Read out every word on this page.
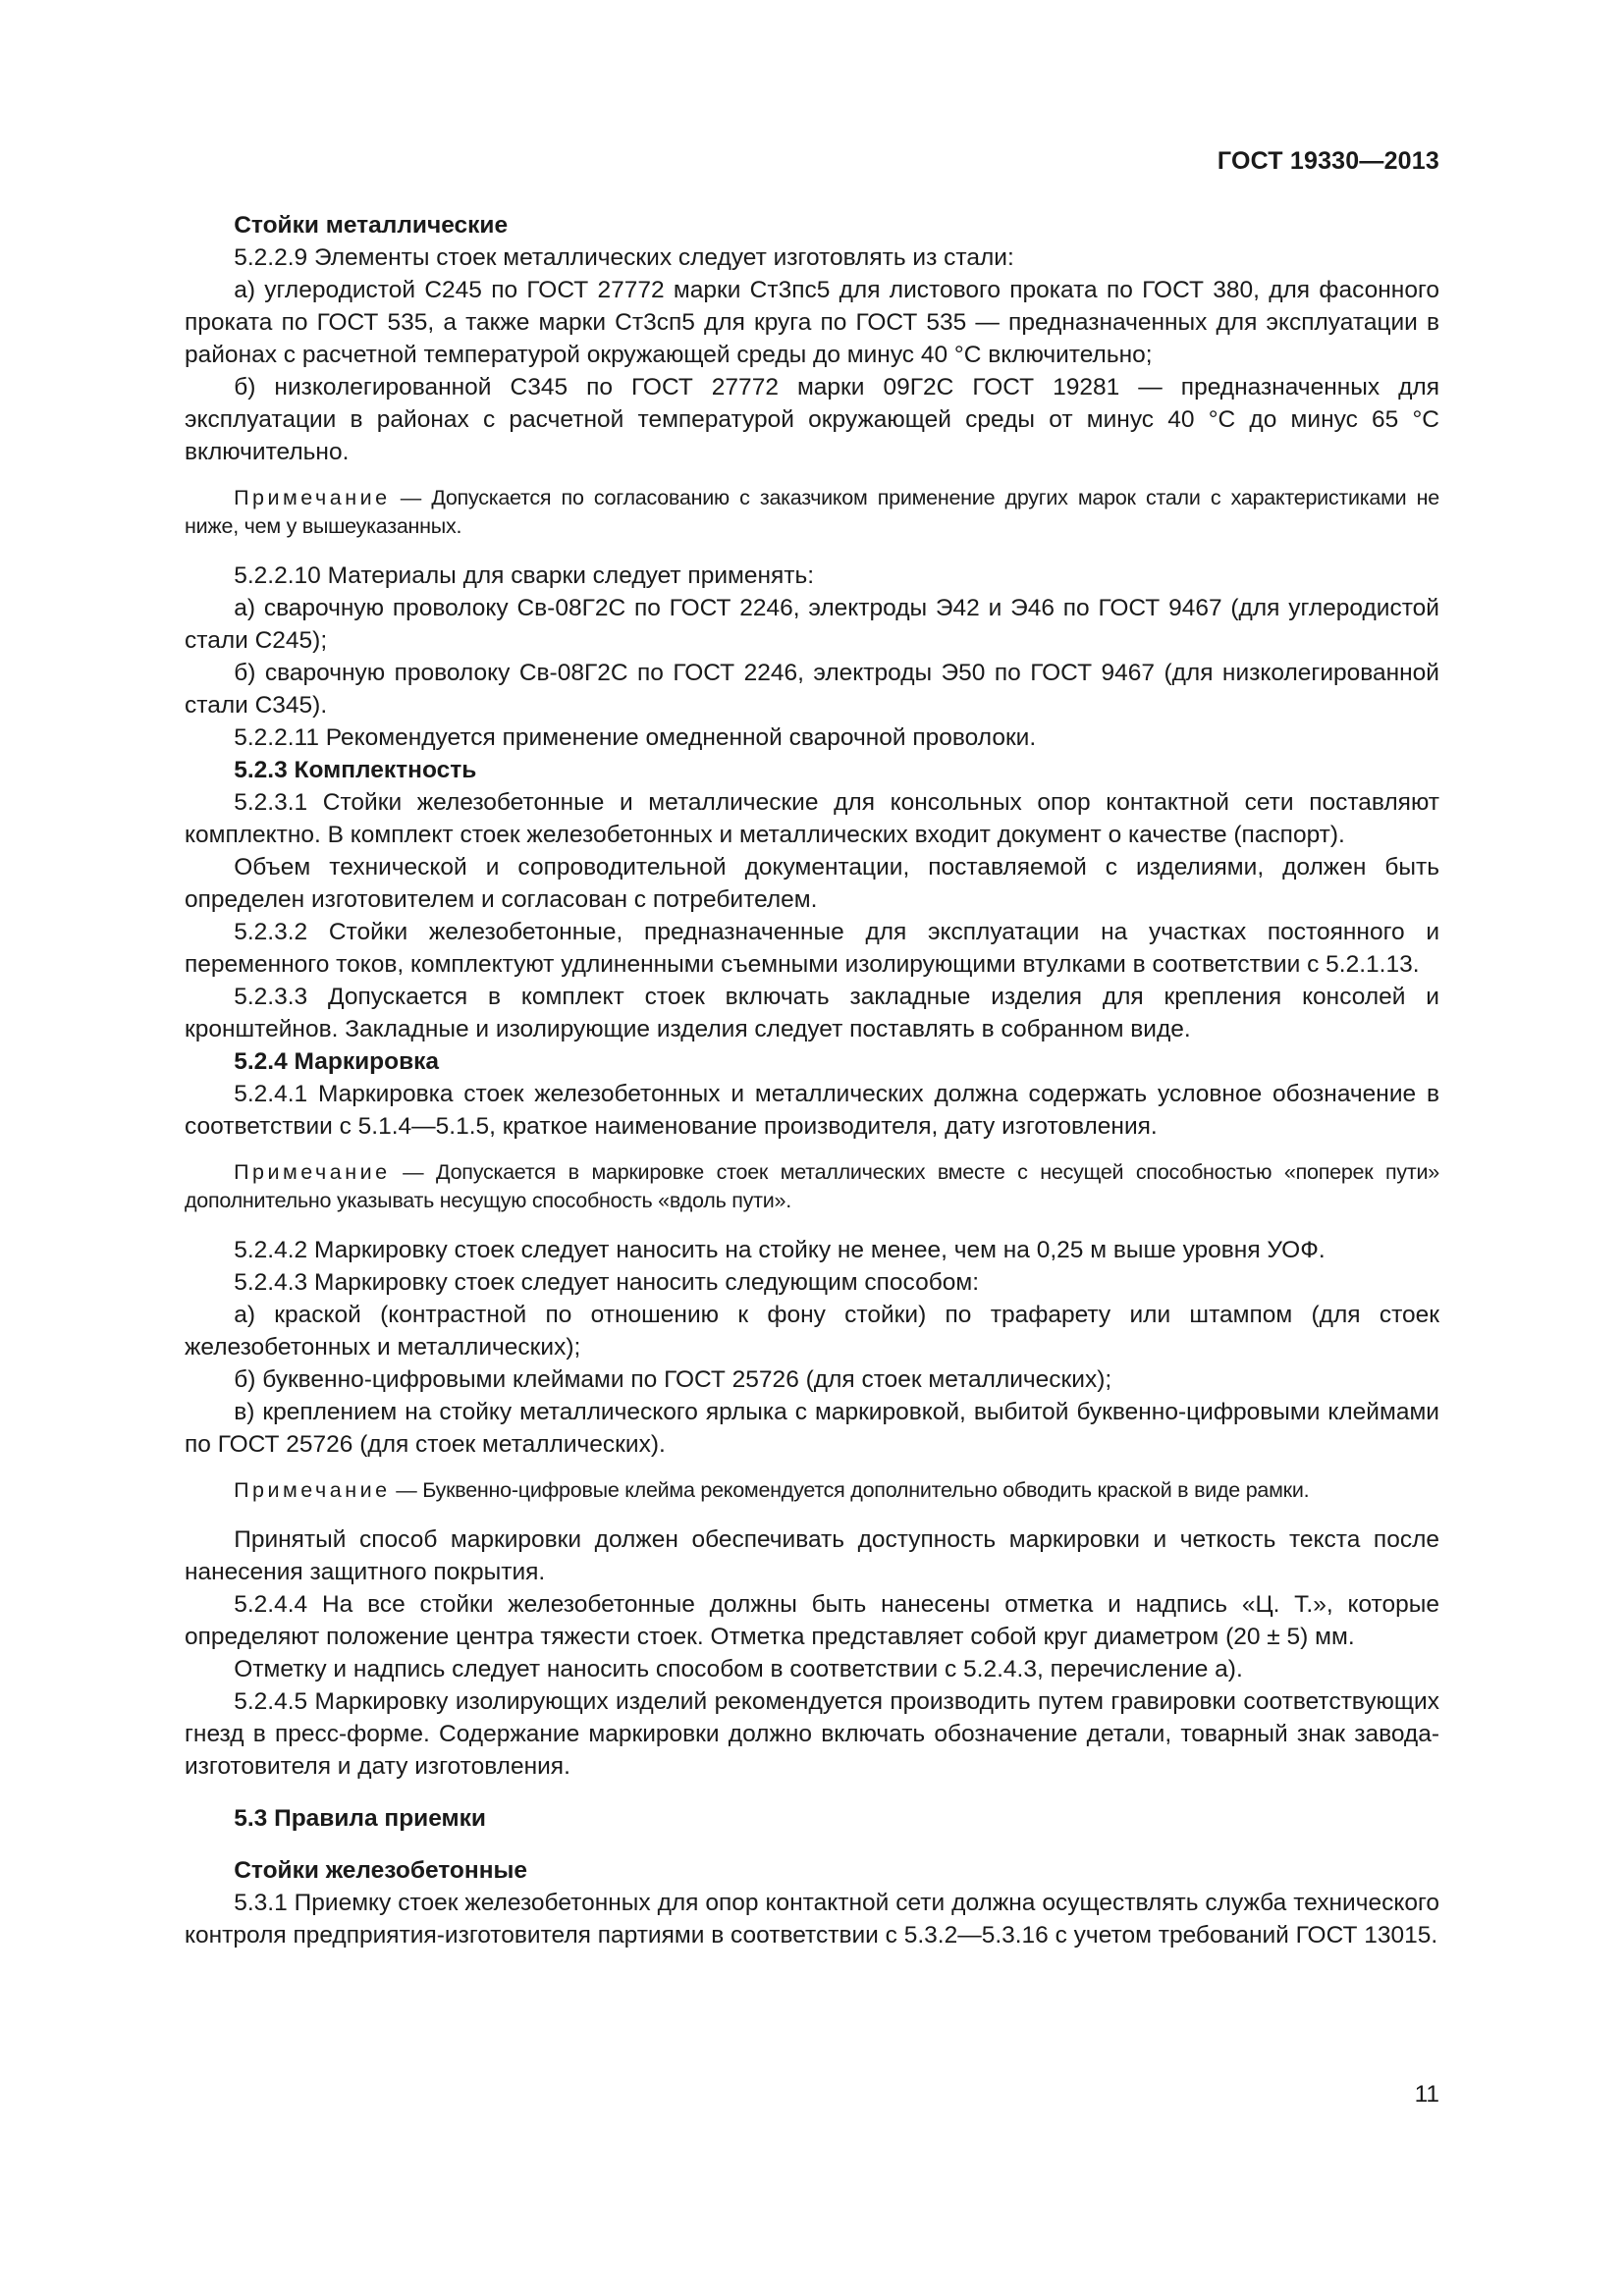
ГОСТ 19330—2013

Стойки металлические

5.2.2.9 Элементы стоек металлических следует изготовлять из стали:

а) углеродистой С245 по ГОСТ 27772 марки Ст3пс5 для листового проката по ГОСТ 380, для фасонного проката по ГОСТ 535, а также марки Ст3сп5 для круга по ГОСТ 535 — предназначенных для эксплуатации в районах с расчетной температурой окружающей среды до минус 40 °С включительно;

б) низколегированной С345 по ГОСТ 27772 марки 09Г2С ГОСТ 19281 — предназначенных для эксплуатации в районах с расчетной температурой окружающей среды от минус 40 °С до минус 65 °С включительно.

Примечание — Допускается по согласованию с заказчиком применение других марок стали с характеристиками не ниже, чем у вышеуказанных.

5.2.2.10 Материалы для сварки следует применять:

а) сварочную проволоку Св-08Г2С по ГОСТ 2246, электроды Э42 и Э46 по ГОСТ 9467 (для углеродистой стали С245);

б) сварочную проволоку Св-08Г2С по ГОСТ 2246, электроды Э50 по ГОСТ 9467 (для низколегированной стали С345).

5.2.2.11 Рекомендуется применение омедненной сварочной проволоки.

5.2.3 Комплектность

5.2.3.1 Стойки железобетонные и металлические для консольных опор контактной сети поставляют комплектно. В комплект стоек железобетонных и металлических входит документ о качестве (паспорт).

Объем технической и сопроводительной документации, поставляемой с изделиями, должен быть определен изготовителем и согласован с потребителем.

5.2.3.2 Стойки железобетонные, предназначенные для эксплуатации на участках постоянного и переменного токов, комплектуют удлиненными съемными изолирующими втулками в соответствии с 5.2.1.13.

5.2.3.3 Допускается в комплект стоек включать закладные изделия для крепления консолей и кронштейнов. Закладные и изолирующие изделия следует поставлять в собранном виде.

5.2.4 Маркировка

5.2.4.1 Маркировка стоек железобетонных и металлических должна содержать условное обозначение в соответствии с 5.1.4—5.1.5, краткое наименование производителя, дату изготовления.

Примечание — Допускается в маркировке стоек металлических вместе с несущей способностью «поперек пути» дополнительно указывать несущую способность «вдоль пути».

5.2.4.2 Маркировку стоек следует наносить на стойку не менее, чем на 0,25 м выше уровня УОФ.

5.2.4.3 Маркировку стоек следует наносить следующим способом:

а) краской (контрастной по отношению к фону стойки) по трафарету или штампом (для стоек железобетонных и металлических);

б) буквенно-цифровыми клеймами по ГОСТ 25726 (для стоек металлических);

в) креплением на стойку металлического ярлыка с маркировкой, выбитой буквенно-цифровыми клеймами по ГОСТ 25726 (для стоек металлических).

Примечание — Буквенно-цифровые клейма рекомендуется дополнительно обводить краской в виде рамки.

Принятый способ маркировки должен обеспечивать доступность маркировки и четкость текста после нанесения защитного покрытия.

5.2.4.4 На все стойки железобетонные должны быть нанесены отметка и надпись «Ц. Т.», которые определяют положение центра тяжести стоек. Отметка представляет собой круг диаметром (20 ± 5) мм.

Отметку и надпись следует наносить способом в соответствии с 5.2.4.3, перечисление а).

5.2.4.5 Маркировку изолирующих изделий рекомендуется производить путем гравировки соответствующих гнезд в пресс-форме. Содержание маркировки должно включать обозначение детали, товарный знак завода-изготовителя и дату изготовления.

5.3 Правила приемки

Стойки железобетонные

5.3.1 Приемку стоек железобетонных для опор контактной сети должна осуществлять служба технического контроля предприятия-изготовителя партиями в соответствии с 5.3.2—5.3.16 с учетом требований ГОСТ 13015.

11
